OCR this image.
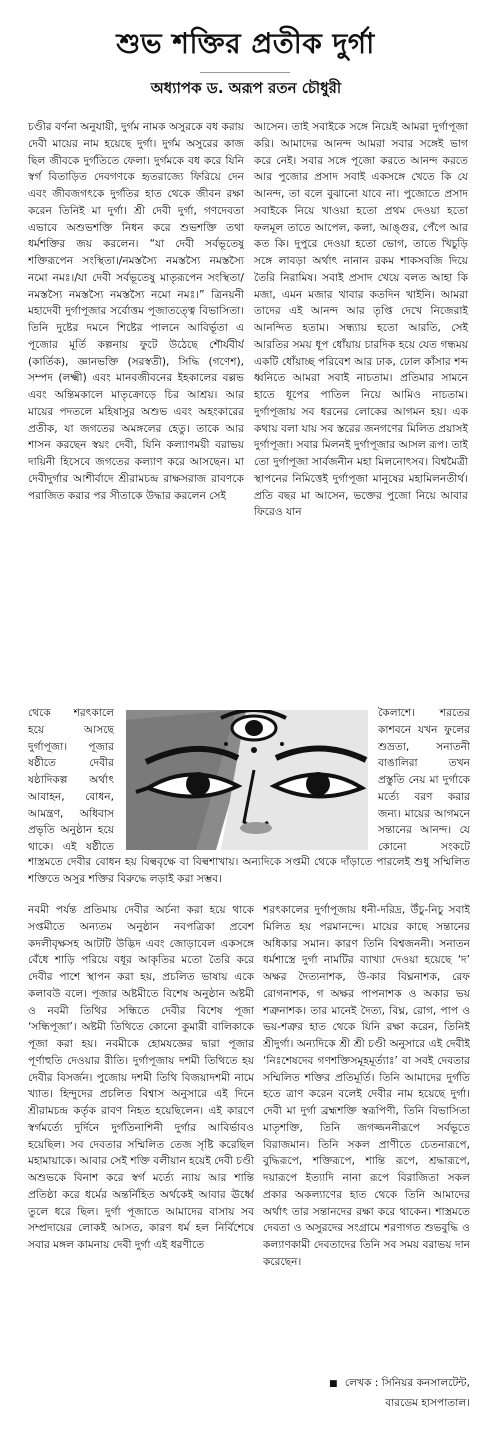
শুভ শক্তির প্রতীক দুর্গা
অধ্যাপক ড. অরূপ রতন চৌধুরী

চণ্ডীর বর্ণনা অনুযায়ী, দুর্গম নামক অসুরকে বধ করায় দেবী মায়ের নাম হয়েছে দুর্গা। দুর্গম অসুরের কাজ ছিল জীবকে দুর্গতিতে ফেলা। দুর্গমকে বধ করে যিনি স্বর্গ বিতাড়িত দেবগণকে হৃতরাজ্যে ফিরিয়ে দেন এবং জীবজগৎকে দুর্গতির হাত থেকে জীবন রক্ষা করেন তিনিই মা দুর্গা। শ্রী দেবী দুর্গা, গণদেবতা এভাবে অশুভশক্তি নিধন করে শুভশক্তি তথা ধর্মশক্তির জয় করলেন। “যা দেবী সর্বভূতেষু শক্তিরূপেন সংস্থিতা।/নমস্তস্যৈ নমস্তস্যৈ নমস্তস্যৈ নমো নমঃ।/যা দেবী সর্বভূতেষু মাতৃরূপেন সংস্থিতা/ নমস্তস্যৈ নমস্তস্যৈ নমস্তস্যৈ নমো নমঃ।” ত্রিনয়নী মহাদেবী দুর্গাপূজার সর্বোত্তম পূজাতত্ত্বে বিভাসিতা। তিনি দুষ্টের দমনে শিষ্টের পালনে আবির্ভূতা এ পূজোর মূর্তি কল্পনায় ফুটে উঠেছে শৌর্যবীর্য (কার্তিক), জ্ঞানভক্তি (সরস্বতী), সিদ্ধি (গণেশ), সম্পদ (লক্ষ্মী) এবং মানবজীবনের ইহকালের বল্লভ এবং অন্তিমকালে মাতৃক্রোড়ে চির আশ্রয়। আর মায়ের পদতলে মহিষাসুর অশুভ এবং অহংকারের প্রতীক, যা জগতের অমঙ্গলের হেতু। তাকে আর শাসন করছেন স্বয়ং দেবী, যিনি কল্যাণময়ী বরাভয় দায়িনী হিসেবে জগতের কল্যাণ করে আসছেন। মা দেবীদুর্গার আশীর্বাদে শ্রীরামচন্দ্র রাক্ষসরাজ রাবণকে পরাজিত করার পর সীতাকে উদ্ধার করলেন সেই

আসেন। তাই সবাইকে সঙ্গে নিয়েই আমরা দুর্গাপূজা করি। আমাদের আনন্দ আমরা সবার সঙ্গেই ভাগ করে নেই। সবার সঙ্গে পূজো করতে আনন্দ করতে আর পুজোর প্রসাদ সবাই একসঙ্গে খেতে কি যে আনন্দ, তা বলে বুঝানো যাবে না। পুজোতে প্রসাদ সবাইকে নিয়ে খাওয়া হতো প্রথম দেওয়া হতো ফলমূল তাতে আপেল, কলা, আঙ্গুর, পেঁপে আর কত কি। দুপুরে দেওয়া হতো ভোগ, তাতে খিচুড়ি সঙ্গে লাবড়া অর্থাৎ নানান রকম শাকসবজি দিয়ে তৈরি নিরামিষ। সবাই প্রসাদ খেয়ে বলত আহা কি মজা, এমন মজার খাবার কতদিন খাইনি। আমরা তাদের এই আনন্দ আর তৃপ্তি দেখে নিজেরাই আনন্দিত হতাম। সন্ধ্যায় হতো আরতি, সেই আরতির সময় ধূপ ধোঁয়ায় চারদিক হয়ে যেত গন্ধময় একটি ধোঁয়াচ্ছ পরিবেশ আর ঢাক, ঢোল কাঁসার শব্দ ধ্বনিতে আমরা সবাই নাচতাম। প্রতিমার সামনে হাতে ধূপের পাতিল নিয়ে আমিও নাচতাম। দুর্গাপূজায় সব ধরনের লোকের আগমন হয়। এক কথায় বলা যায় সব স্তরের জনগণের মিলিত প্রয়াসই দুর্গাপূজা। সবার মিলনই দুর্গাপূজার আসল রূপ। তাই তো দুর্গাপূজা সার্বজনীন মহা মিলনোৎসব। বিশ্বমৈত্রী স্থাপনের নিমিত্তেই দুর্গাপূজা মানুষের মহামিলনতীর্থ। প্রতি বছর মা আসেন, ভক্তের পুজো নিয়ে আবার ফিরেও যান

থেকে শরৎকালে হয়ে আসছে দুর্গাপূজা। পূজার ষষ্ঠীতে দেবীর ষষ্ঠাদিকল্প অর্থাৎ আবাহন, বোধন, আমন্ত্রণ, অধিবাস প্রভৃতি অনুষ্ঠান হয়ে থাকে। এই ষষ্ঠীতে
কৈলাশে। শরতের কাশবনে যখন ফুলের শুভ্রতা, সনাতনী বাঙালিরা তখন প্রস্তুতি নেয় মা দুর্গাকে মর্ত্যে বরণ করার জন্য। মায়ের আগমনে সন্তানের আনন্দ। যে কোনো সংকটে
শাস্ত্রমতে দেবীর বোধন হয় বিল্ববৃক্ষে বা বিল্বশাখায়। অন্যদিকে সপ্তমী থেকে দাঁড়াতে পারলেই শুধু সম্মিলিত শক্তিতে অসুর শক্তির বিরুদ্ধে লড়াই করা সম্ভব।

নবমী পর্যন্ত প্রতিমায় দেবীর অর্চনা করা হয়ে থাকে সপ্তমীতে অন্যতম অনুষ্ঠান নবপত্রিকা প্রবেশ কদলীবৃক্ষসহ আটটি উদ্ভিদ এবং জোড়াবেল একসঙ্গে বেঁধে শাড়ি পরিয়ে বধূর আকৃতির মতো তৈরি করে দেবীর পাশে স্থাপন করা হয়, প্রচলিত ভাষায় একে কলাবউ বলে। পূজার অষ্টমীতে বিশেষ অনুষ্ঠান অষ্টমী ও নবমী তিথির সন্ধিতে দেবীর বিশেষ পূজা ‘সন্ধিপূজা’। অষ্টমী তিথিতে কোনো কুমারী বালিকাকে পূজা করা হয়। নবমীকে হোমযজ্ঞের দ্বারা পূজার পূর্ণাহুতি দেওয়ার রীতি। দুর্গাপূজায় দশমী তিথিতে হয় দেবীর বিসর্জন। পুজোয় দশমী তিথি বিজয়াদশমী নামে খ্যাত। হিন্দুদের প্রচলিত বিশ্বাস অনুসারে এই দিনে শ্রীরামচন্দ্র কর্তৃক রাবণ নিহত হয়েছিলেন। এই কারণে স্বর্গমর্ত্যে দুর্দিনে দুর্গতিনাশিনী দুর্গার আবির্ভাবও হয়েছিল। সব দেবতার সম্মিলিত তেজ সৃষ্টি করেছিল মহামায়াকে। আবার সেই শক্তি বলীয়ান হয়েই দেবী চণ্ডী অশুভকে বিনাশ করে স্বর্গ মর্ত্যে ন্যায় আর শান্তি প্রতিষ্ঠা করে ধর্মের অন্তর্নিহিত অর্থকেই আবার ঊর্ধ্বে তুলে ধরে ছিল। দুর্গা পূজাতে আমাদের বাসায় সব সম্প্রদায়ের লোকই আসত, কারণ ধর্ম হল নির্বিশেষে সবার মঙ্গল কামনায় দেবী দুর্গা এই ধরণীতে

শরৎকালের দুর্গাপূজায় ধনী-দরিদ্র, উঁচু-নিচু সবাই মিলিত হয় পরমানন্দে। মায়ের কাছে সন্তানের অধিকার সমান। কারণ তিনি বিশ্বজননী। সনাতন ধর্মশাস্ত্রে দুর্গা নামটির ব্যাখ্যা দেওয়া হয়েছে ‘দ’ অক্ষর দৈত্যনাশক, উ-কার বিঘ্ননাশক, রেফ রোগনাশক, গ অক্ষর পাপনাশক ও অকার ভয় শত্রুনাশক। তার মানেই দৈত্য, বিঘ্ন, রোগ, পাপ ও ভয়-শত্রুর হাত থেকে যিনি রক্ষা করেন, তিনিই শ্রীদুর্গা। অন্যদিকে শ্রী শ্রী চণ্ডী অনুসারে এই দেবীই ‘নিঃশেষদেব গণশক্তিসমূহমূর্ত্যাঃ’ বা সবই দেবতার সম্মিলিত শক্তির প্রতিমূর্তি। তিনি আমাদের দুর্গতি হতে ত্রাণ করেন বলেই দেবীর নাম হয়েছে দুর্গা। দেবী মা দুর্গা ব্রহ্মশক্তি স্বরূপিণী, তিনি বিভাসিতা মাতৃশক্তি, তিনি জগজ্জননীরূপে সর্বভূতে বিরাজমান। তিনি সকল প্রাণীতে চেতনারূপে, বুদ্ধিরূপে, শক্তিরূপে, শান্তি রূপে, শ্রদ্ধারূপে, দয়ারূপে ইত্যাদি নানা রূপে বিরাজিতা সকল প্রকার অকল্যাণের হাত থেকে তিনি আমাদের অর্থাৎ তার সন্তানদের রক্ষা করে থাকেন। শাস্ত্রমতে দেবতা ও অসুরদের সংগ্রামে শরণাগত শুভবুদ্ধি ও কল্যাণকামী দেবতাদের তিনি সব সময় বরাভয় দান করেছেন।

■ লেখক : সিনিয়র কনসালটেন্ট,
বারডেম হাসপাতাল।
